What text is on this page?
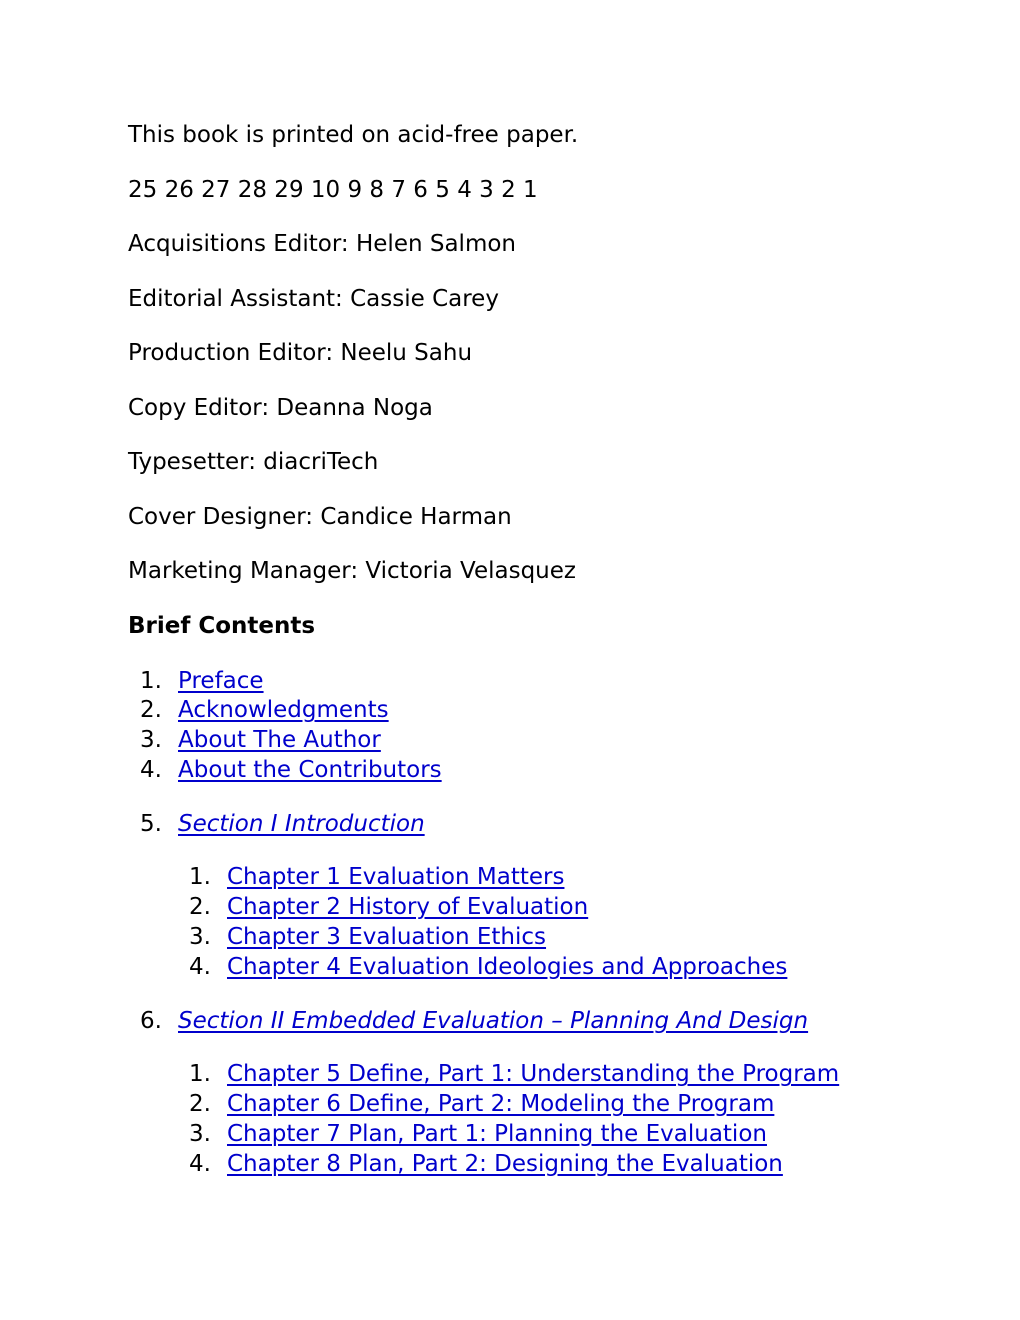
This book is printed on acid-free paper.

25 26 27 28 29 10 9 8 7 6 5 4 3 2 1

Acquisitions Editor: Helen Salmon

Editorial Assistant: Cassie Carey

Production Editor: Neelu Sahu

Copy Editor: Deanna Noga

Typesetter: diacriTech

Cover Designer: Candice Harman

Marketing Manager: Victoria Velasquez

Brief Contents
1. Preface
2. Acknowledgments
3. About The Author
4. About the Contributors
5. Section I Introduction
1. Chapter 1 Evaluation Matters
2. Chapter 2 History of Evaluation
3. Chapter 3 Evaluation Ethics
4. Chapter 4 Evaluation Ideologies and Approaches
6. Section II Embedded Evaluation – Planning And Design
1. Chapter 5 Define, Part 1: Understanding the Program
2. Chapter 6 Define, Part 2: Modeling the Program
3. Chapter 7 Plan, Part 1: Planning the Evaluation
4. Chapter 8 Plan, Part 2: Designing the Evaluation
